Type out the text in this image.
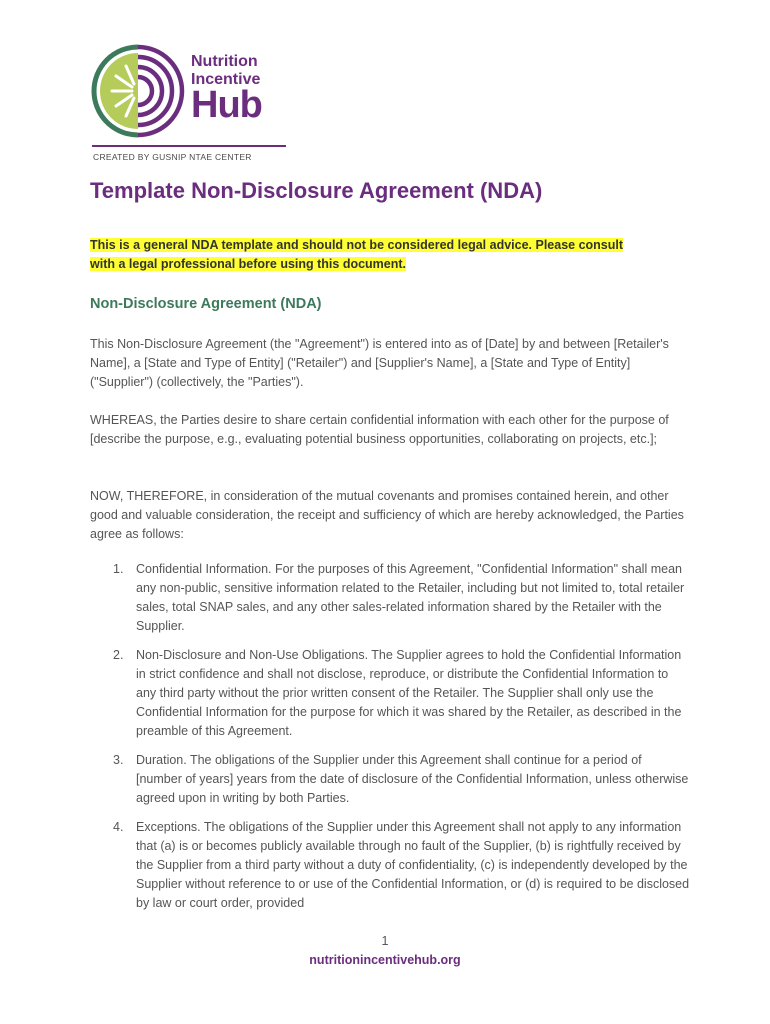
Nutrition
Incentive
Hub
CREATED BY GUSNIP NTAE CENTER
Template Non-Disclosure Agreement (NDA)

This is a general NDA template and should not be considered legal advice. Please consult with a legal professional before using this document.

Non-Disclosure Agreement (NDA)

This Non-Disclosure Agreement (the "Agreement") is entered into as of [Date] by and between [Retailer's Name], a [State and Type of Entity] ("Retailer") and [Supplier's Name], a [State and Type of Entity] ("Supplier") (collectively, the "Parties").

WHEREAS, the Parties desire to share certain confidential information with each other for the purpose of [describe the purpose, e.g., evaluating potential business opportunities, collaborating on projects, etc.];

NOW, THEREFORE, in consideration of the mutual covenants and promises contained herein, and other good and valuable consideration, the receipt and sufficiency of which are hereby acknowledged, the Parties agree as follows:

1. Confidential Information. For the purposes of this Agreement, "Confidential Information" shall mean any non-public, sensitive information related to the Retailer, including but not limited to, total retailer sales, total SNAP sales, and any other sales-related information shared by the Retailer with the Supplier.
2. Non-Disclosure and Non-Use Obligations. The Supplier agrees to hold the Confidential Information in strict confidence and shall not disclose, reproduce, or distribute the Confidential Information to any third party without the prior written consent of the Retailer. The Supplier shall only use the Confidential Information for the purpose for which it was shared by the Retailer, as described in the preamble of this Agreement.
3. Duration. The obligations of the Supplier under this Agreement shall continue for a period of [number of years] years from the date of disclosure of the Confidential Information, unless otherwise agreed upon in writing by both Parties.
4. Exceptions. The obligations of the Supplier under this Agreement shall not apply to any information that (a) is or becomes publicly available through no fault of the Supplier, (b) is rightfully received by the Supplier from a third party without a duty of confidentiality, (c) is independently developed by the Supplier without reference to or use of the Confidential Information, or (d) is required to be disclosed by law or court order, provided
1
nutritionincentivehub.org
